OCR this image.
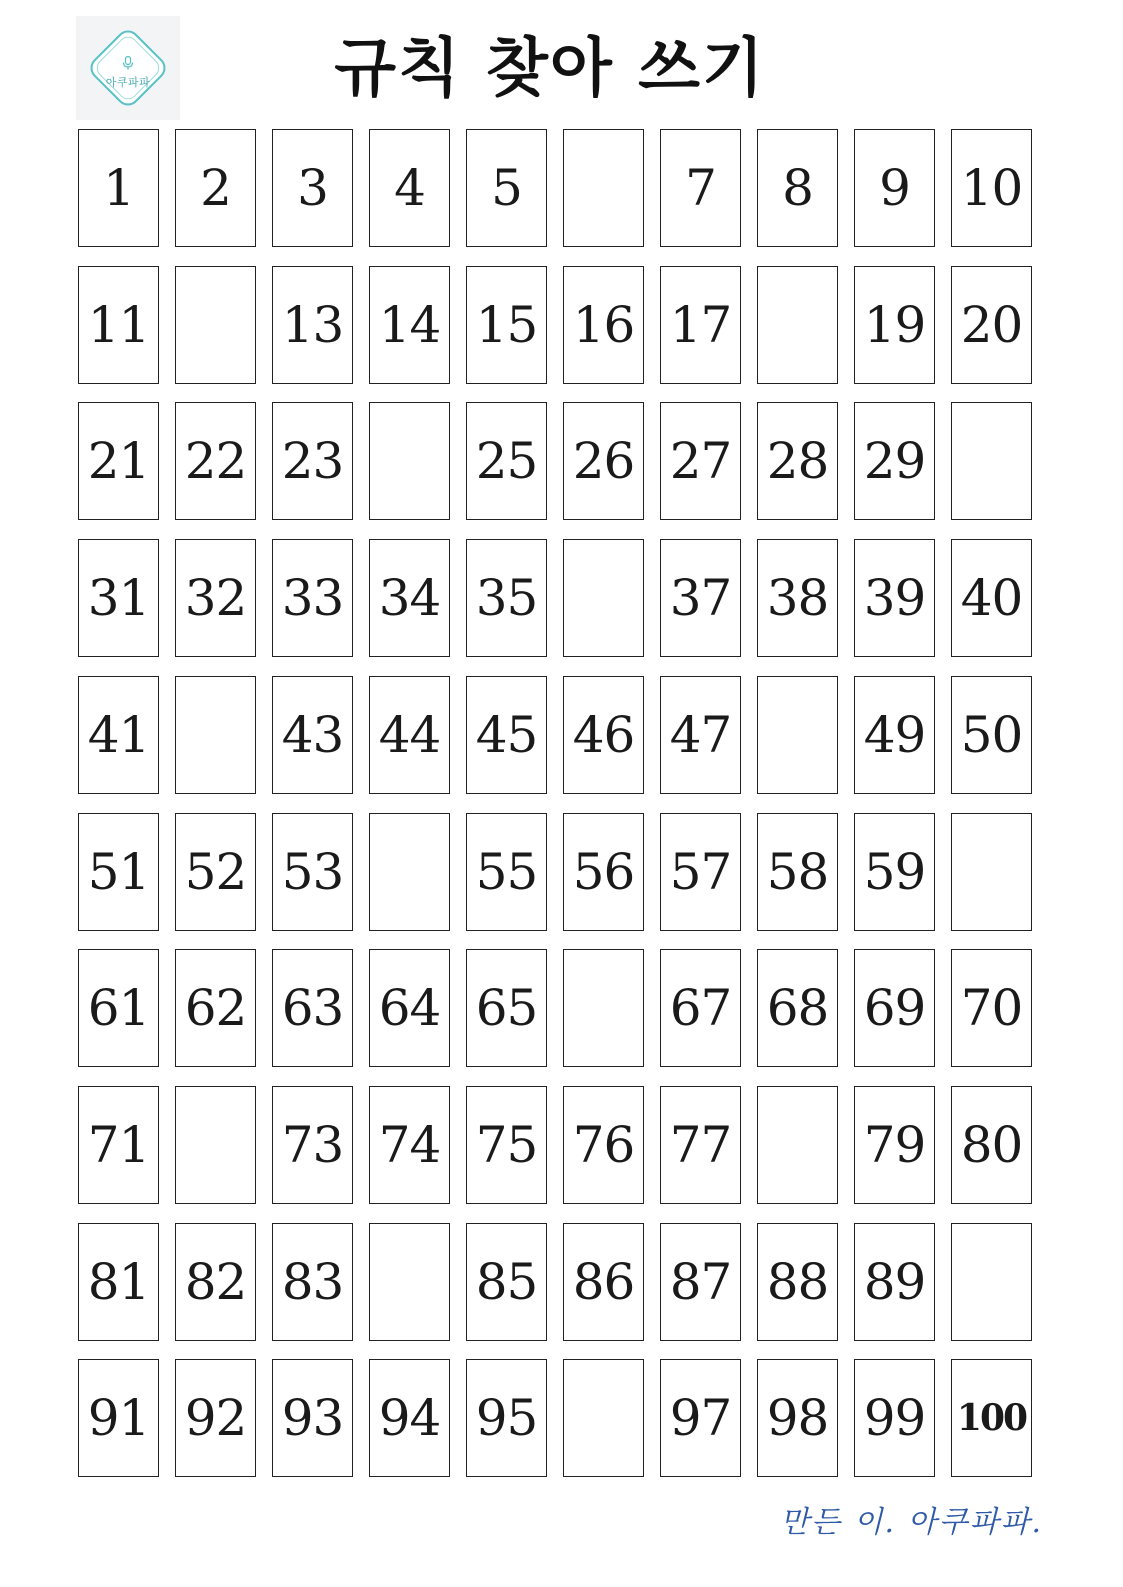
아쿠파파	규칙 찾아 쓰기
1	2	3	4	5	7	8	9	10
11	13 14 15 16 17	19 20
21 22 23	25 26 27 28 29
31 32 33 34 35	37 38 39 40
41	43 44 45 46 47	49 50
51 52 53	55 56 57 58 59
61 62 63 64 65	67 68 69 70
71	73 74 75 76 77	79 80
81 82 83	85 86 87 88 89
91 92 93 94 95	97 98 99 100
만든 이. 아쿠파파.
